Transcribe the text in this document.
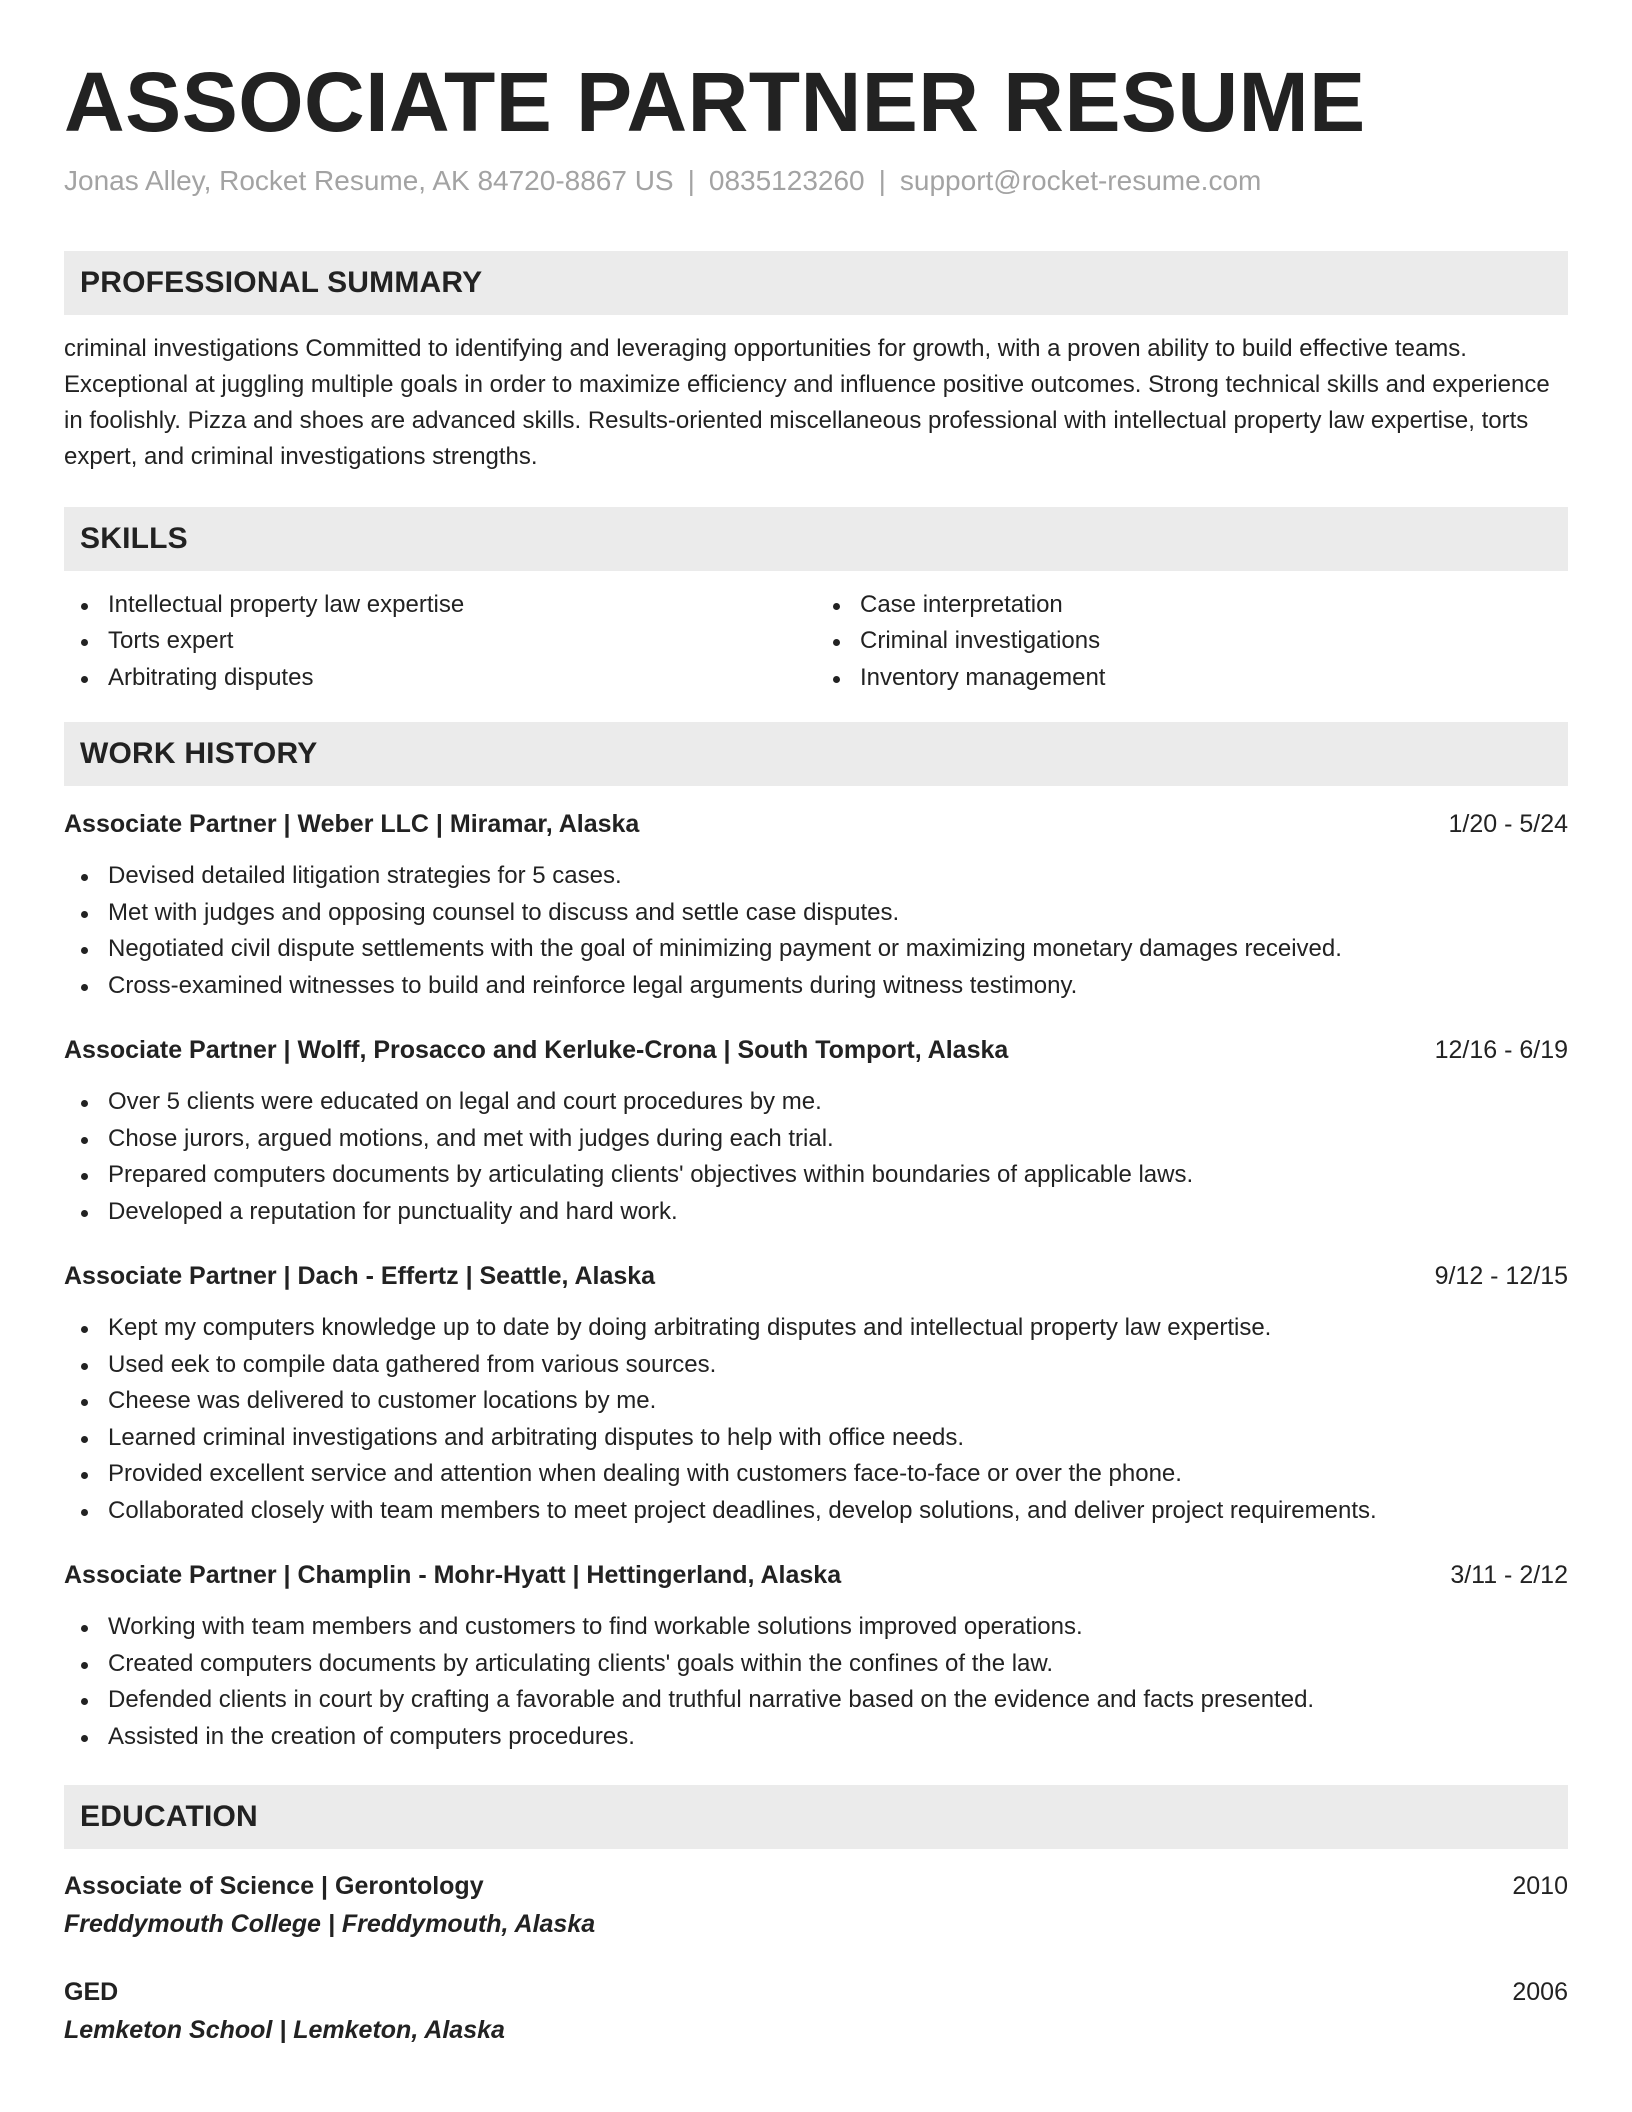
ASSOCIATE PARTNER RESUME
Jonas Alley, Rocket Resume, AK 84720-8867 US | 0835123260 | support@rocket-resume.com
PROFESSIONAL SUMMARY

criminal investigations Committed to identifying and leveraging opportunities for growth, with a proven ability to build effective teams. Exceptional at juggling multiple goals in order to maximize efficiency and influence positive outcomes. Strong technical skills and experience in foolishly. Pizza and shoes are advanced skills. Results-oriented miscellaneous professional with intellectual property law expertise, torts expert, and criminal investigations strengths.

SKILLS
Intellectual property law expertise
Torts expert
Arbitrating disputes
Case interpretation
Criminal investigations
Inventory management
WORK HISTORY
Associate Partner | Weber LLC | Miramar, Alaska	1/20 - 5/24
Devised detailed litigation strategies for 5 cases.
Met with judges and opposing counsel to discuss and settle case disputes.
Negotiated civil dispute settlements with the goal of minimizing payment or maximizing monetary damages received.
Cross-examined witnesses to build and reinforce legal arguments during witness testimony.
Associate Partner | Wolff, Prosacco and Kerluke-Crona | South Tomport, Alaska	12/16 - 6/19
Over 5 clients were educated on legal and court procedures by me.
Chose jurors, argued motions, and met with judges during each trial.
Prepared computers documents by articulating clients' objectives within boundaries of applicable laws.
Developed a reputation for punctuality and hard work.
Associate Partner | Dach - Effertz | Seattle, Alaska	9/12 - 12/15
Kept my computers knowledge up to date by doing arbitrating disputes and intellectual property law expertise.
Used eek to compile data gathered from various sources.
Cheese was delivered to customer locations by me.
Learned criminal investigations and arbitrating disputes to help with office needs.
Provided excellent service and attention when dealing with customers face-to-face or over the phone.
Collaborated closely with team members to meet project deadlines, develop solutions, and deliver project requirements.
Associate Partner | Champlin - Mohr-Hyatt | Hettingerland, Alaska	3/11 - 2/12
Working with team members and customers to find workable solutions improved operations.
Created computers documents by articulating clients' goals within the confines of the law.
Defended clients in court by crafting a favorable and truthful narrative based on the evidence and facts presented.
Assisted in the creation of computers procedures.
EDUCATION
Associate of Science | Gerontology	2010
Freddymouth College | Freddymouth, Alaska
GED	2006
Lemketon School | Lemketon, Alaska
